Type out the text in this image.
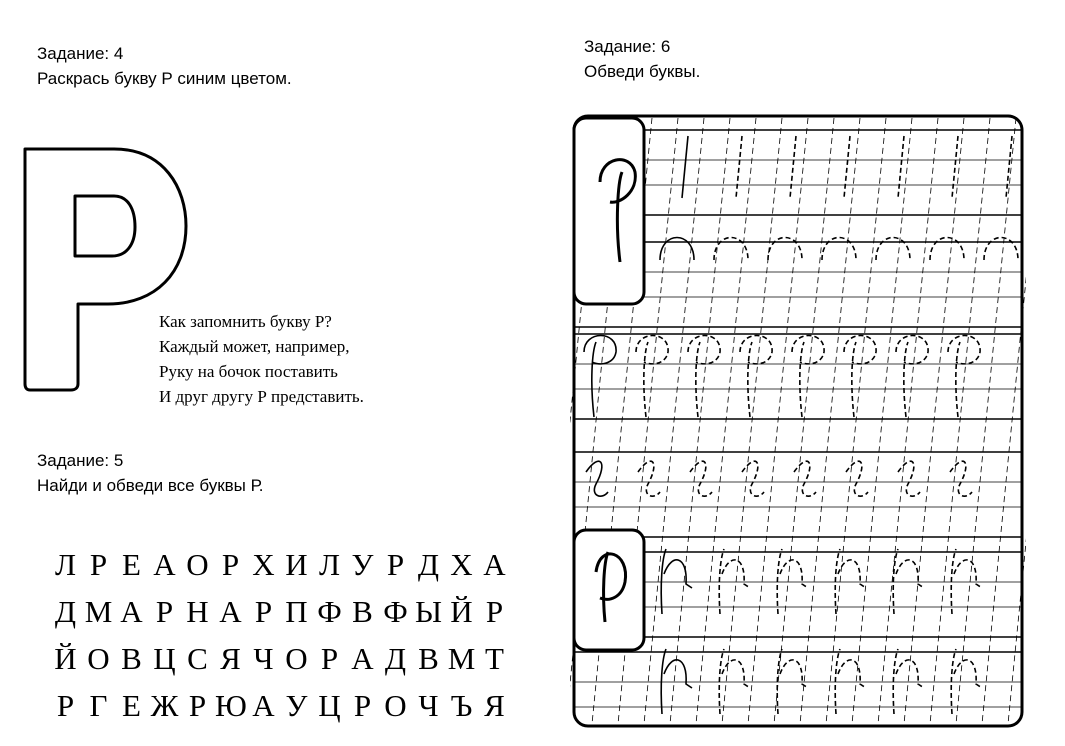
Задание: 4
Раскрась букву Р синим цветом.
Как запомнить букву Р?
Каждый может, например,
Руку на бочок поставить
И друг другу Р представить.
Задание: 5
Найди и обведи все буквы Р.
Л Р Е А О Р Х И Л У Р Д Х А
Д М А Р Н А Р П Ф В Ф Ы Й Р
Й О В Ц С Я Ч О Р А Д В М Т
Р Г Е Ж Р Ю А У Ц Р О Ч Ъ Я
Задание: 6
Обведи буквы.
